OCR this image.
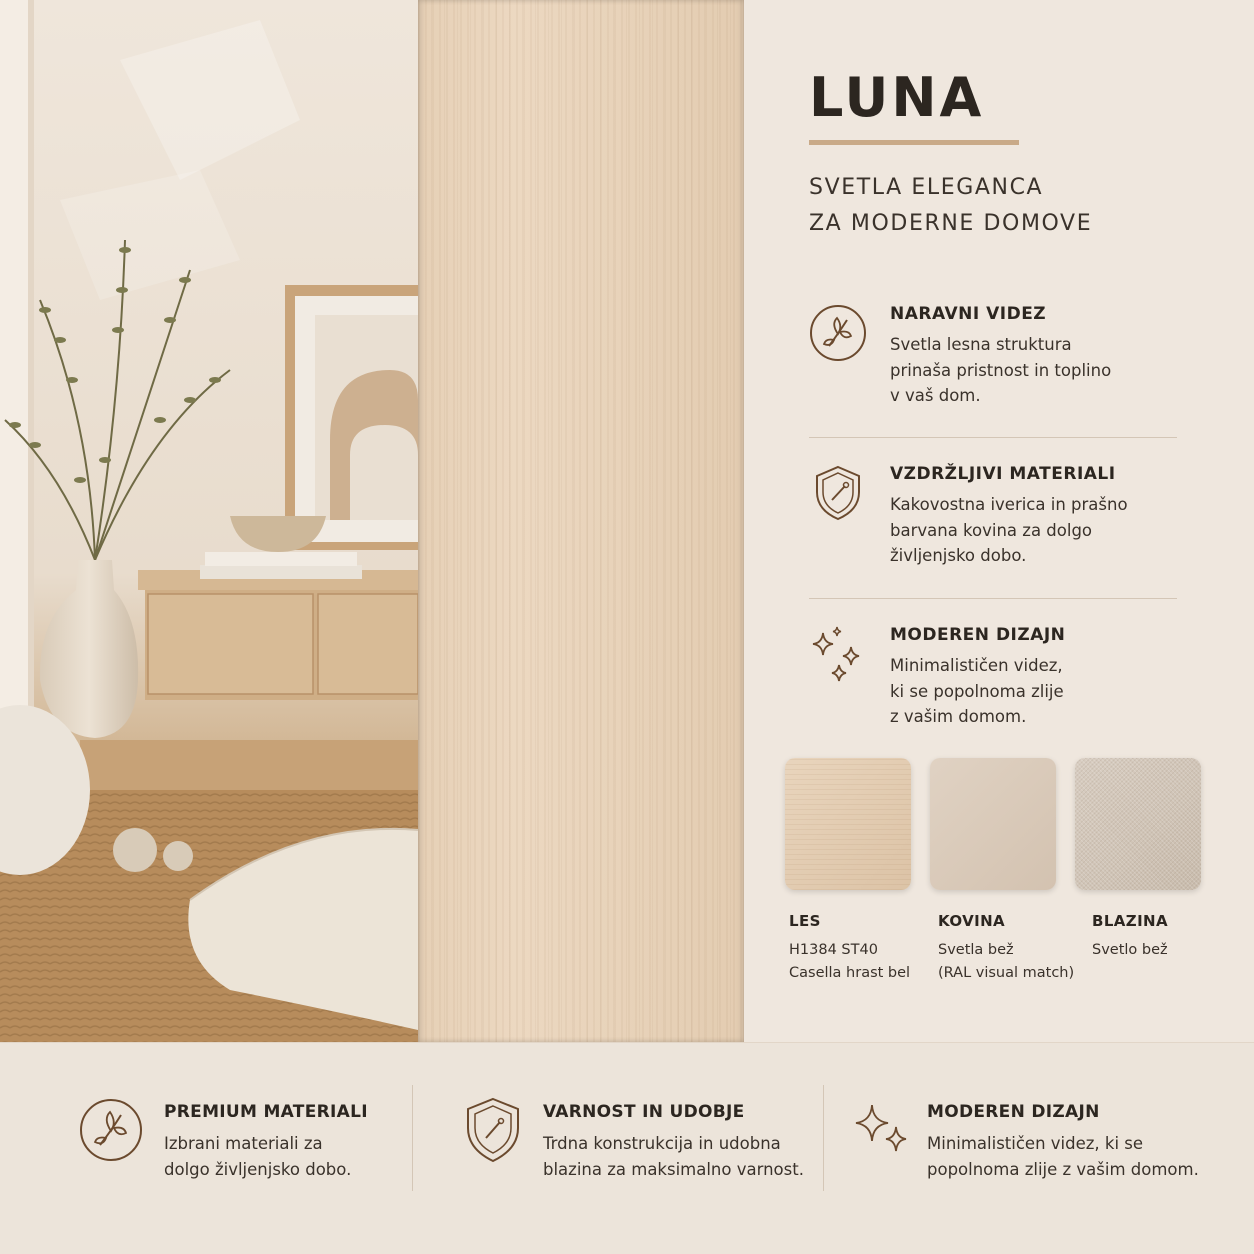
LUNA
SVETLA ELEGANCA
ZA MODERNE DOMOVE
NARAVNI VIDEZ
Svetla lesna struktura
prinaša pristnost in toplino
v vaš dom.
VZDRŽLJIVI MATERIALI
Kakovostna iverica in prašno
barvana kovina za dolgo
življenjsko dobo.
MODEREN DIZAJN
Minimalističen videz,
ki se popolnoma zlije
z vašim domom.
LES
H1384 ST40
Casella hrast bel
KOVINA
Svetla bež
(RAL visual match)
BLAZINA
Svetlo bež
PREMIUM MATERIALI
Izbrani materiali za
dolgo življenjsko dobo.
VARNOST IN UDOBJE
Trdna konstrukcija in udobna
blazina za maksimalno varnost.
MODEREN DIZAJN
Minimalističen videz, ki se
popolnoma zlije z vašim domom.
